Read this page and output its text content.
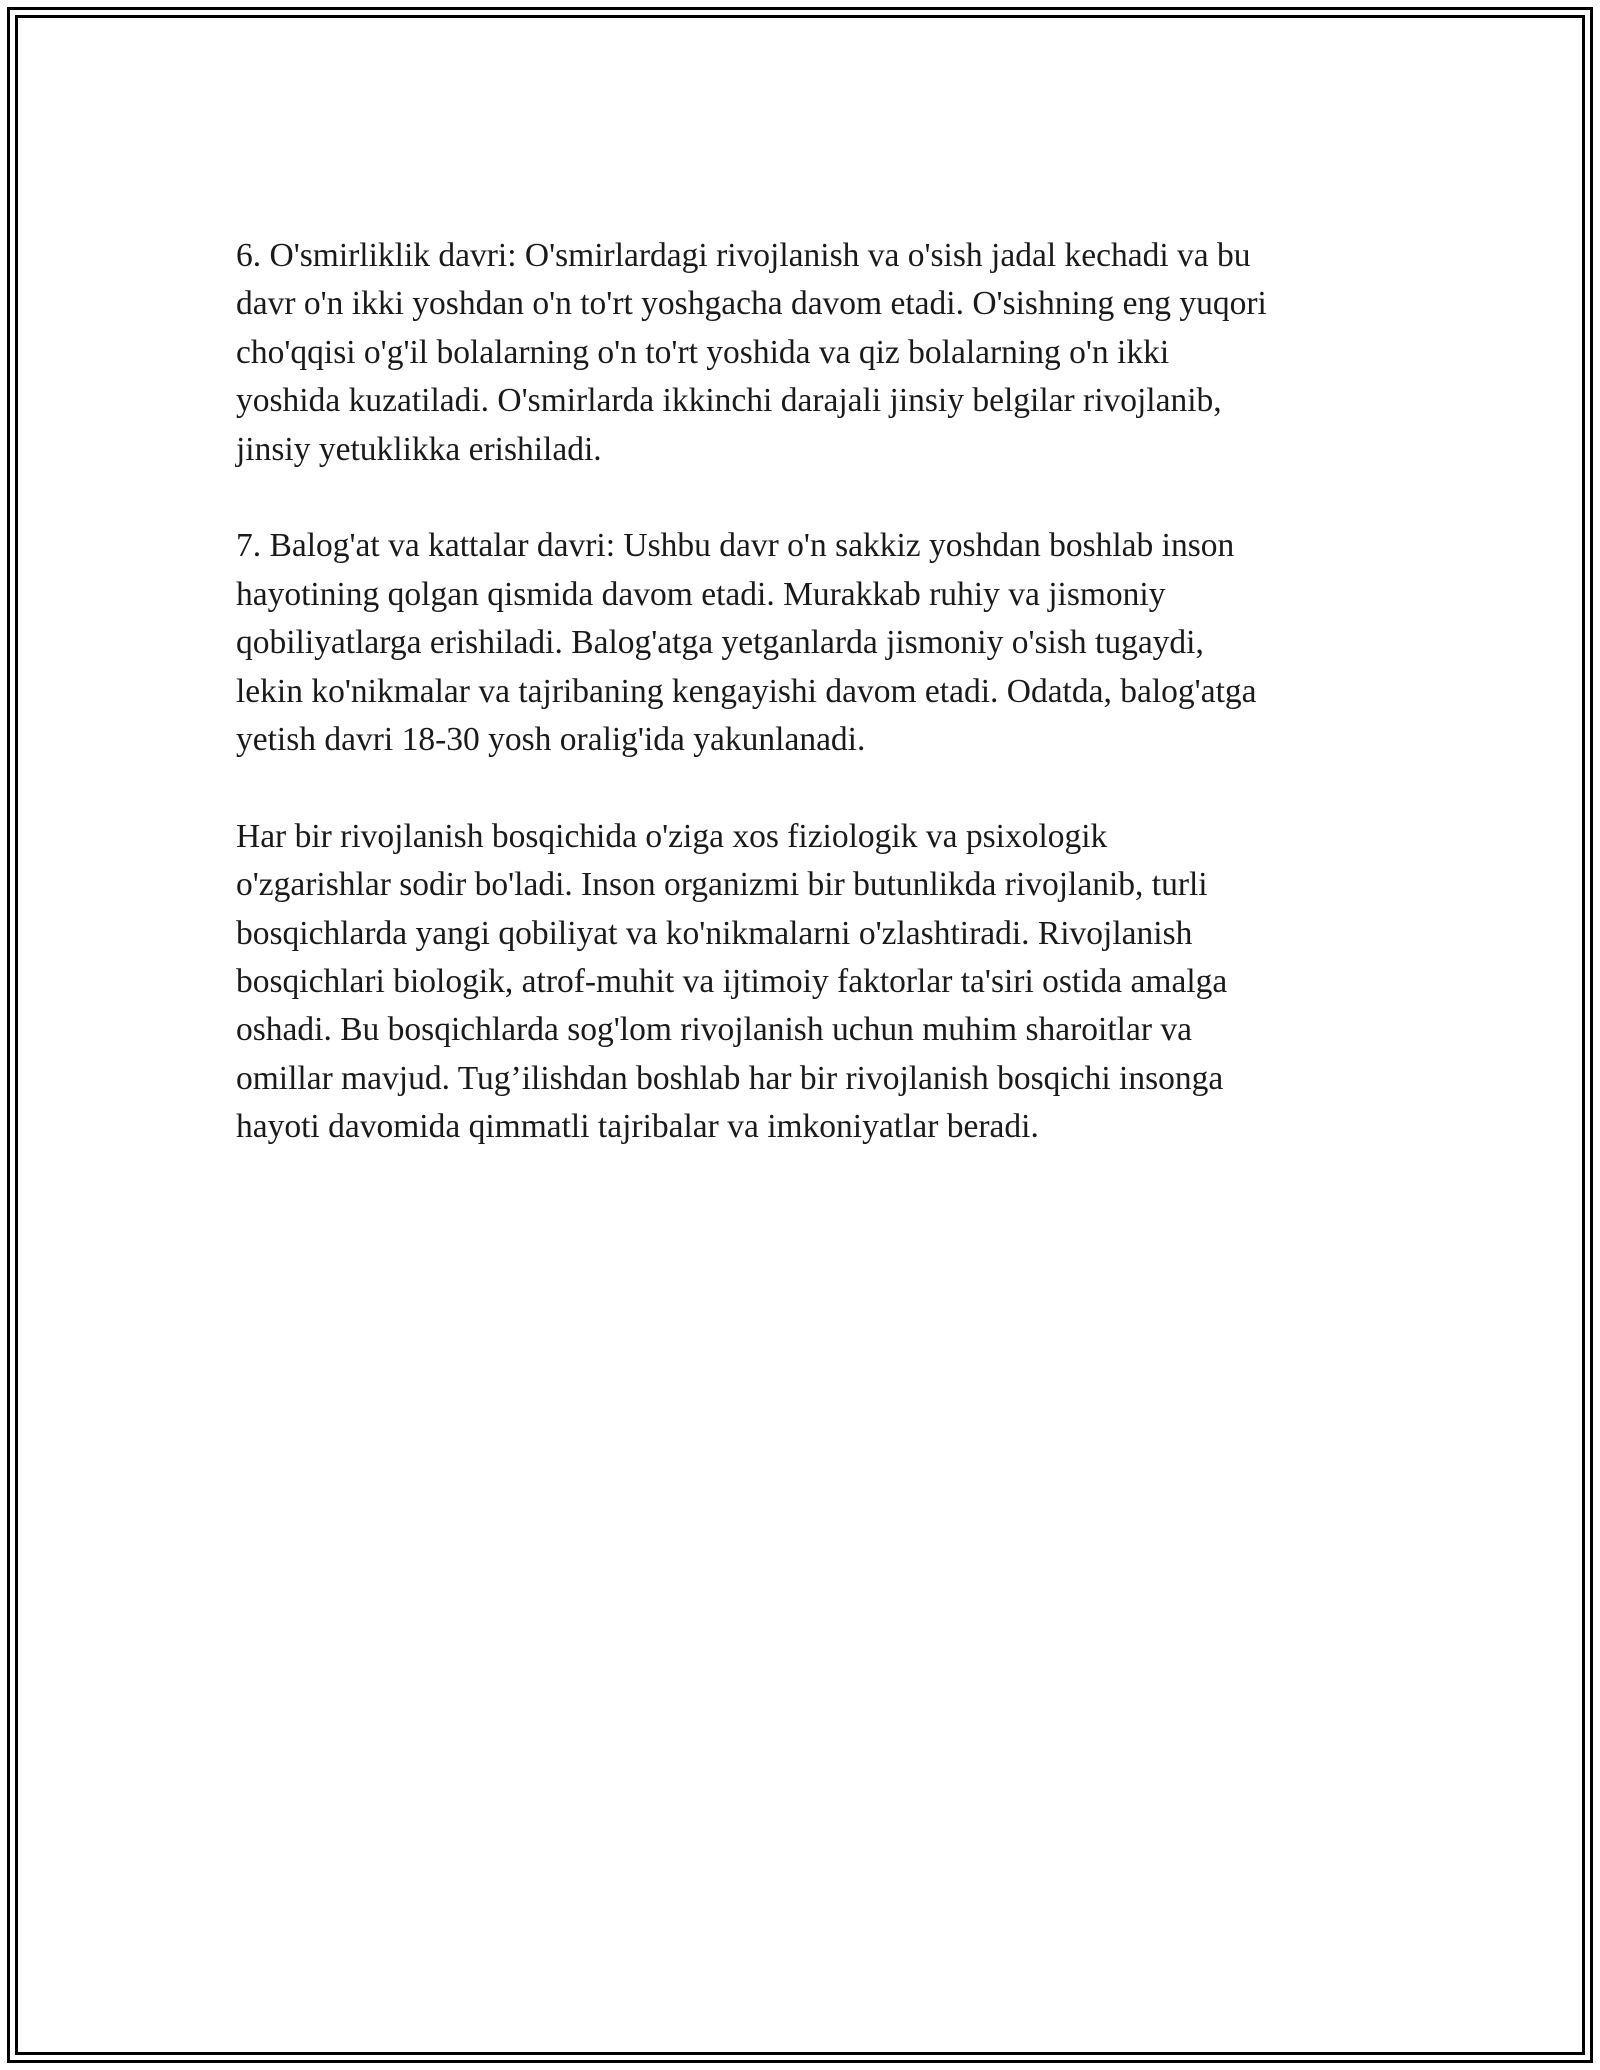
6. O'smirliklik davri: O'smirlardagi rivojlanish va o'sish jadal kechadi va bu
davr o'n ikki yoshdan o'n to'rt yoshgacha davom etadi. O'sishning eng yuqori
cho'qqisi o'g'il bolalarning o'n to'rt yoshida va qiz bolalarning o'n ikki
yoshida kuzatiladi. O'smirlarda ikkinchi darajali jinsiy belgilar rivojlanib,
jinsiy yetuklikka erishiladi.

7. Balog'at va kattalar davri: Ushbu davr o'n sakkiz yoshdan boshlab inson
hayotining qolgan qismida davom etadi. Murakkab ruhiy va jismoniy
qobiliyatlarga erishiladi. Balog'atga yetganlarda jismoniy o'sish tugaydi,
lekin ko'nikmalar va tajribaning kengayishi davom etadi. Odatda, balog'atga
yetish davri 18-30 yosh oralig'ida yakunlanadi.

Har bir rivojlanish bosqichida o'ziga xos fiziologik va psixologik
o'zgarishlar sodir bo'ladi. Inson organizmi bir butunlikda rivojlanib, turli
bosqichlarda yangi qobiliyat va ko'nikmalarni o'zlashtiradi. Rivojlanish
bosqichlari biologik, atrof-muhit va ijtimoiy faktorlar ta'siri ostida amalga
oshadi. Bu bosqichlarda sog'lom rivojlanish uchun muhim sharoitlar va
omillar mavjud. Tug’ilishdan boshlab har bir rivojlanish bosqichi insonga
hayoti davomida qimmatli tajribalar va imkoniyatlar beradi.
